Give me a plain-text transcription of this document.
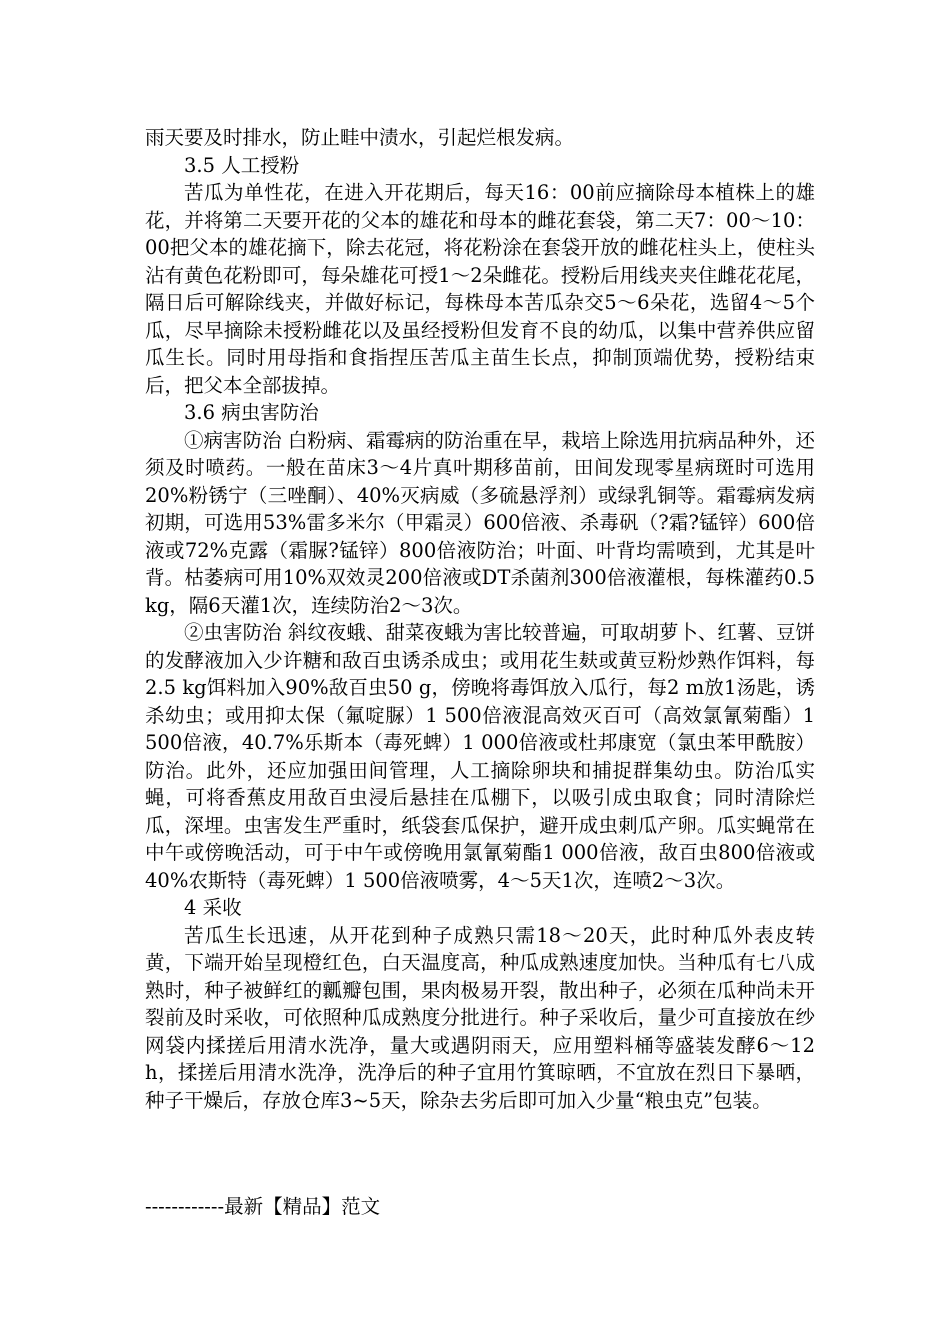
雨天要及时排水，防止畦中渍水，引起烂根发病。

3.5 人工授粉

苦瓜为单性花，在进入开花期后，每天16：00前应摘除母本植株上的雄花，并将第二天要开花的父本的雄花和母本的雌花套袋，第二天7：00～10：00把父本的雄花摘下，除去花冠，将花粉涂在套袋开放的雌花柱头上，使柱头沾有黄色花粉即可，每朵雄花可授1～2朵雌花。授粉后用线夹夹住雌花花尾，隔日后可解除线夹，并做好标记，每株母本苦瓜杂交5～6朵花，选留4～5个瓜，尽早摘除未授粉雌花以及虽经授粉但发育不良的幼瓜，以集中营养供应留瓜生长。同时用母指和食指捏压苦瓜主苗生长点，抑制顶端优势，授粉结束后，把父本全部拔掉。

3.6 病虫害防治

①病害防治 白粉病、霜霉病的防治重在早，栽培上除选用抗病品种外，还须及时喷药。一般在苗床3～4片真叶期移苗前，田间发现零星病斑时可选用20%粉锈宁（三唑酮）、40%灭病威（多硫悬浮剂）或绿乳铜等。霜霉病发病初期，可选用53%雷多米尔（甲霜灵）600倍液、杀毒矾（?霜?锰锌）600倍液或72%克露（霜脲?锰锌）800倍液防治；叶面、叶背均需喷到，尤其是叶背。枯萎病可用10%双效灵200倍液或DT杀菌剂300倍液灌根，每株灌药0.5 kg，隔6天灌1次，连续防治2～3次。

②虫害防治 斜纹夜蛾、甜菜夜蛾为害比较普遍，可取胡萝卜、红薯、豆饼的发酵液加入少许糖和敌百虫诱杀成虫；或用花生麸或黄豆粉炒熟作饵料，每2.5 kg饵料加入90%敌百虫50 g，傍晚将毒饵放入瓜行，每2 m放1汤匙，诱杀幼虫；或用抑太保（氟啶脲）1 500倍液混高效灭百可（高效氯氰菊酯）1 500倍液，40.7%乐斯本（毒死蜱）1 000倍液或杜邦康宽（氯虫苯甲酰胺）防治。此外，还应加强田间管理，人工摘除卵块和捕捉群集幼虫。防治瓜实蝇，可将香蕉皮用敌百虫浸后悬挂在瓜棚下，以吸引成虫取食；同时清除烂瓜，深埋。虫害发生严重时，纸袋套瓜保护，避开成虫刺瓜产卵。瓜实蝇常在中午或傍晚活动，可于中午或傍晚用氯氰菊酯1 000倍液，敌百虫800倍液或40%农斯特（毒死蜱）1 500倍液喷雾，4～5天1次，连喷2～3次。

4 采收

苦瓜生长迅速，从开花到种子成熟只需18～20天，此时种瓜外表皮转黄，下端开始呈现橙红色，白天温度高，种瓜成熟速度加快。当种瓜有七八成熟时，种子被鲜红的瓤瓣包围，果肉极易开裂，散出种子，必须在瓜种尚未开裂前及时采收，可依照种瓜成熟度分批进行。种子采收后，量少可直接放在纱网袋内揉搓后用清水洗净，量大或遇阴雨天，应用塑料桶等盛装发酵6～12 h，揉搓后用清水洗净，洗净后的种子宜用竹箕晾晒，不宜放在烈日下暴晒，种子干燥后，存放仓库3~5天，除杂去劣后即可加入少量“粮虫克”包装。

------------最新【精品】范文
